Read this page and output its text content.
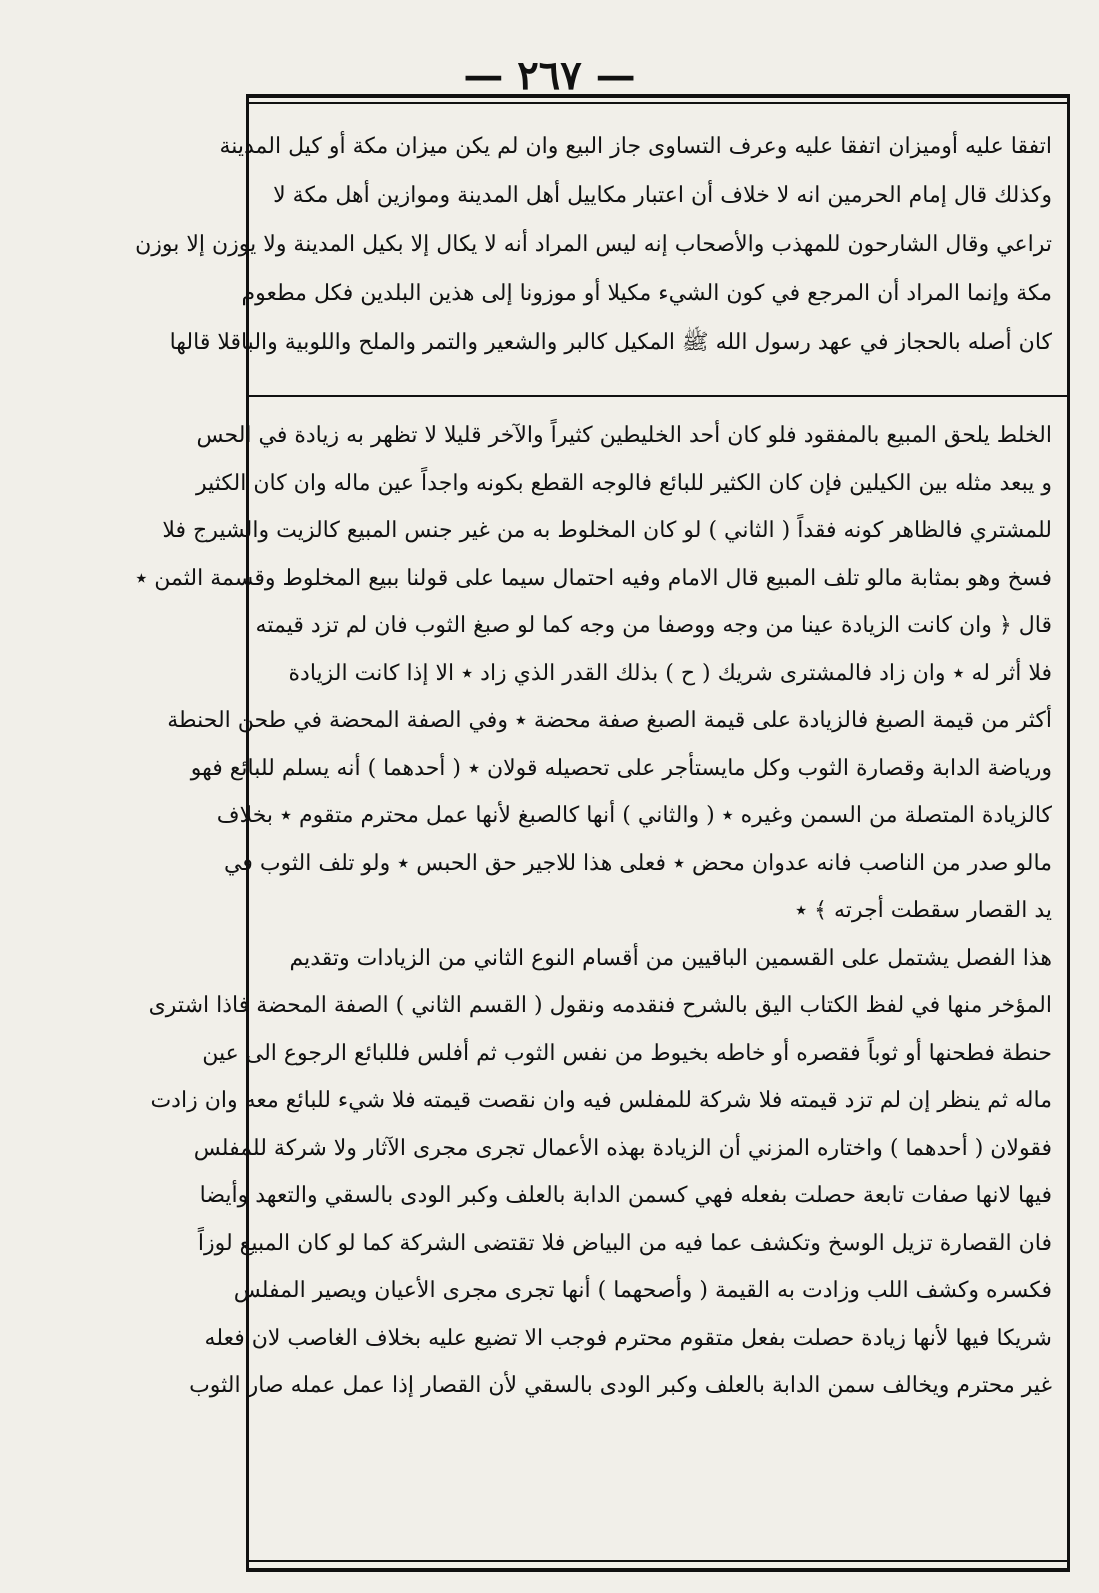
— ٢٦٧ —
اتفقا عليه أوميزان اتفقا عليه وعرف التساوى جاز البيع وان لم يكن ميزان مكة أو كيل المدينة
وكذلك قال إمام الحرمين انه لا خلاف أن اعتبار مكاييل أهل المدينة وموازين أهل مكة لا
تراعي وقال الشارحون للمهذب والأصحاب إنه ليس المراد أنه لا يكال إلا بكيل المدينة ولا يوزن إلا بوزن
مكة وإنما المراد أن المرجع في كون الشيء مكيلا أو موزونا إلى هذين البلدين فكل مطعوم
كان أصله بالحجاز في عهد رسول الله ﷺ المكيل كالبر والشعير والتمر والملح واللوبية والباقلا قالها
الخلط يلحق المبيع بالمفقود فلو كان أحد الخليطين كثيراً والآخر قليلا لا تظهر به زيادة في الحس
و يبعد مثله بين الكيلين فإن كان الكثير للبائع فالوجه القطع بكونه واجداً عين ماله وان كان الكثير
للمشتري فالظاهر كونه فقداً ( الثاني ) لو كان المخلوط به من غير جنس المبيع كالزيت والشيرج فلا
فسخ وهو بمثابة مالو تلف المبيع قال الامام وفيه احتمال سيما على قولنا ببيع المخلوط وقسمة الثمن ٭
قال ﴿ وان كانت الزيادة عينا من وجه ووصفا من وجه كما لو صبغ الثوب فان لم تزد قيمته
فلا أثر له ٭ وان زاد فالمشترى شريك ( ح ) بذلك القدر الذي زاد ٭ الا إذا كانت الزيادة
أكثر من قيمة الصبغ فالزيادة على قيمة الصبغ صفة محضة ٭ وفي الصفة المحضة في طحن الحنطة
ورياضة الدابة وقصارة الثوب وكل مايستأجر على تحصيله قولان ٭ ( أحدهما ) أنه يسلم للبائع فهو
كالزيادة المتصلة من السمن وغيره ٭ ( والثاني ) أنها كالصبغ لأنها عمل محترم متقوم ٭ بخلاف
مالو صدر من الناصب فانه عدوان محض ٭ فعلى هذا للاجير حق الحبس ٭ ولو تلف الثوب في
يد القصار سقطت أجرته ﴾ ٭
هذا الفصل يشتمل على القسمين الباقيين من أقسام النوع الثاني من الزيادات وتقديم
المؤخر منها في لفظ الكتاب اليق بالشرح فنقدمه ونقول ( القسم الثاني ) الصفة المحضة فاذا اشترى
حنطة فطحنها أو ثوباً فقصره أو خاطه بخيوط من نفس الثوب ثم أفلس فللبائع الرجوع الى عين
ماله ثم ينظر إن لم تزد قيمته فلا شركة للمفلس فيه وان نقصت قيمته فلا شيء للبائع معه وان زادت
فقولان ( أحدهما ) واختاره المزني أن الزيادة بهذه الأعمال تجرى مجرى الآثار ولا شركة للمفلس
فيها لانها صفات تابعة حصلت بفعله فهي كسمن الدابة بالعلف وكبر الودى بالسقي والتعهد وأيضا
فان القصارة تزيل الوسخ وتكشف عما فيه من البياض فلا تقتضى الشركة كما لو كان المبيع لوزاً
فكسره وكشف اللب وزادت به القيمة ( وأصحهما ) أنها تجرى مجرى الأعيان ويصير المفلس
شريكا فيها لأنها زيادة حصلت بفعل متقوم محترم فوجب الا تضيع عليه بخلاف الغاصب لان فعله
غير محترم ويخالف سمن الدابة بالعلف وكبر الودى بالسقي لأن القصار إذا عمل عمله صار الثوب
